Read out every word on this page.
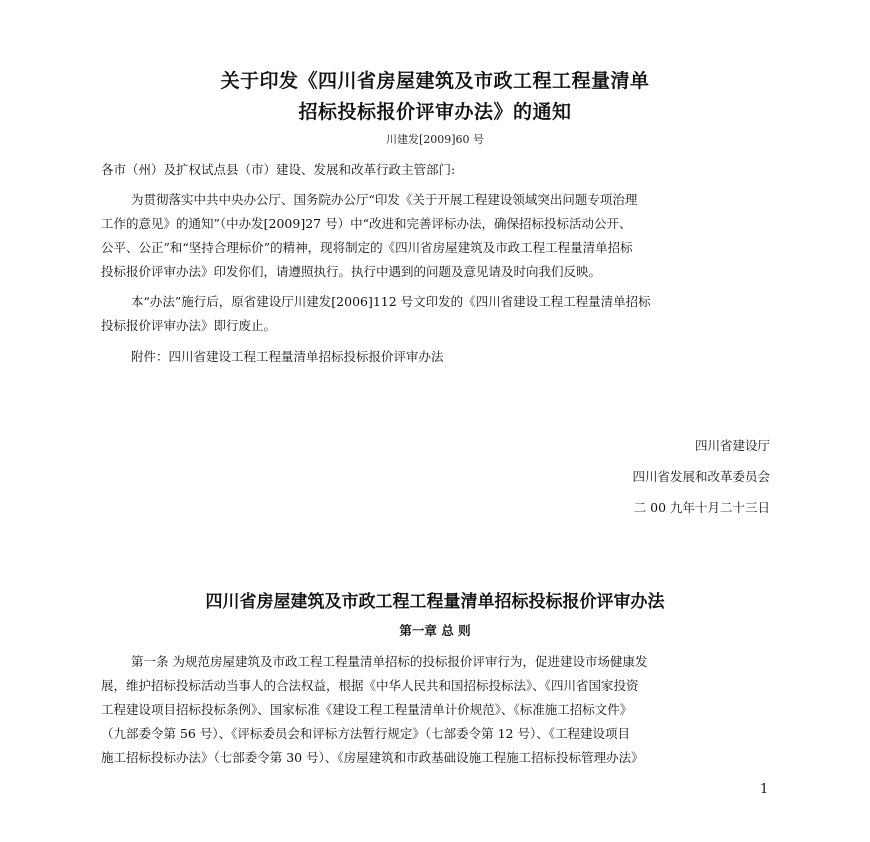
关于印发《四川省房屋建筑及市政工程工程量清单
招标投标报价评审办法》的通知
川建发[2009]60 号
各市（州）及扩权试点县（市）建设、发展和改革行政主管部门:
为贯彻落实中共中央办公厅、国务院办公厅“印发《关于开展工程建设领域突出问题专项治理
工作的意见》的通知”（中办发[2009]27 号）中“改进和完善评标办法，确保招标投标活动公开、
公平、公正”和“坚持合理标价”的精神，现将制定的《四川省房屋建筑及市政工程工程量清单招标
投标报价评审办法》印发你们，请遵照执行。执行中遇到的问题及意见请及时向我们反映。
本“办法”施行后，原省建设厅川建发[2006]112 号文印发的《四川省建设工程工程量清单招标
投标报价评审办法》即行废止。
附件：四川省建设工程工程量清单招标投标报价评审办法
四川省建设厅
四川省发展和改革委员会
二 00 九年十月二十三日
四川省房屋建筑及市政工程工程量清单招标投标报价评审办法
第一章 总 则
第一条 为规范房屋建筑及市政工程工程量清单招标的投标报价评审行为，促进建设市场健康发
展，维护招标投标活动当事人的合法权益，根据《中华人民共和国招标投标法》、《四川省国家投资
工程建设项目招标投标条例》、国家标准《建设工程工程量清单计价规范》、《标准施工招标文件》
（九部委令第 56 号）、《评标委员会和评标方法暂行规定》（七部委令第 12 号）、《工程建设项目
施工招标投标办法》（七部委令第 30 号）、《房屋建筑和市政基础设施工程施工招标投标管理办法》
1
